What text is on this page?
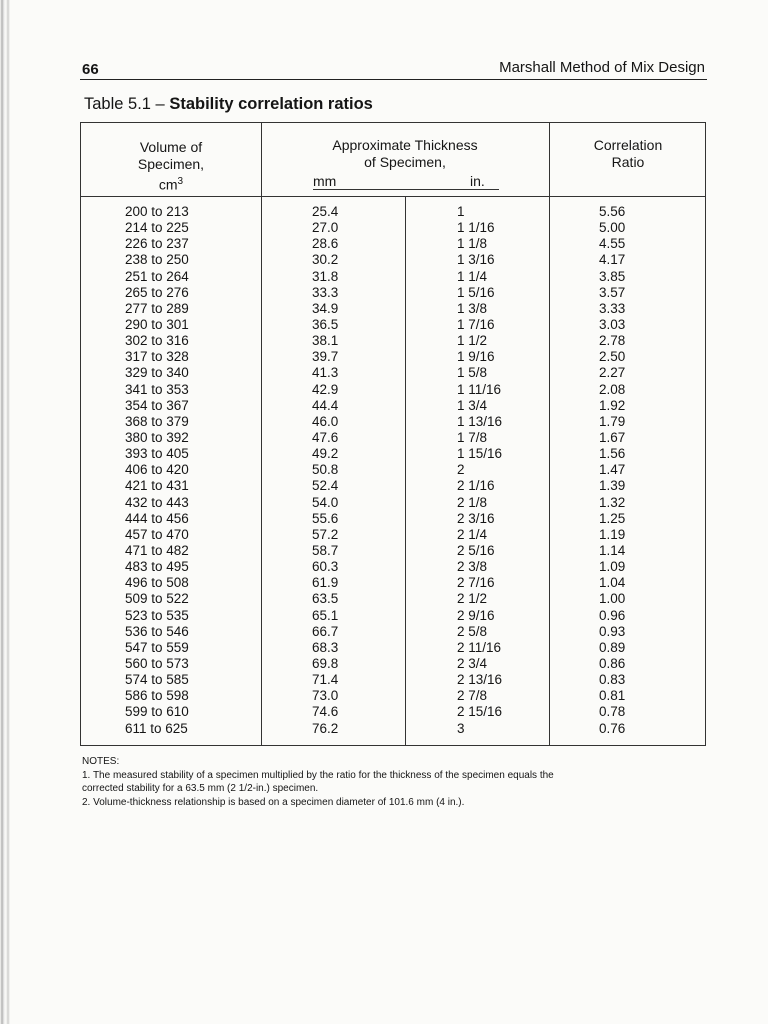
66	Marshall Method of Mix Design
Table 5.1 – Stability correlation ratios
Volume of
Specimen,
$cm^3$
Approximate Thickness
of Specimen,
mm	in.
Correlation
Ratio
200 to 213	25.4	1	5.56
214 to 225	27.0	1 1/16	5.00
226 to 237	28.6	1 1/8	4.55
238 to 250	30.2	1 3/16	4.17
251 to 264	31.8	1 1/4	3.85
265 to 276	33.3	1 5/16	3.57
277 to 289	34.9	1 3/8	3.33
290 to 301	36.5	1 7/16	3.03
302 to 316	38.1	1 1/2	2.78
317 to 328	39.7	1 9/16	2.50
329 to 340	41.3	1 5/8	2.27
341 to 353	42.9	1 11/16	2.08
354 to 367	44.4	1 3/4	1.92
368 to 379	46.0	1 13/16	1.79
380 to 392	47.6	1 7/8	1.67
393 to 405	49.2	1 15/16	1.56
406 to 420	50.8	2	1.47
421 to 431	52.4	2 1/16	1.39
432 to 443	54.0	2 1/8	1.32
444 to 456	55.6	2 3/16	1.25
457 to 470	57.2	2 1/4	1.19
471 to 482	58.7	2 5/16	1.14
483 to 495	60.3	2 3/8	1.09
496 to 508	61.9	2 7/16	1.04
509 to 522	63.5	2 1/2	1.00
523 to 535	65.1	2 9/16	0.96
536 to 546	66.7	2 5/8	0.93
547 to 559	68.3	2 11/16	0.89
560 to 573	69.8	2 3/4	0.86
574 to 585	71.4	2 13/16	0.83
586 to 598	73.0	2 7/8	0.81
599 to 610	74.6	2 15/16	0.78
611 to 625	76.2	3	0.76
NOTES:
1. The measured stability of a specimen multiplied by the ratio for the thickness of the specimen equals the
corrected stability for a 63.5 mm (2 1/2-in.) specimen.
2. Volume-thickness relationship is based on a specimen diameter of 101.6 mm (4 in.).
